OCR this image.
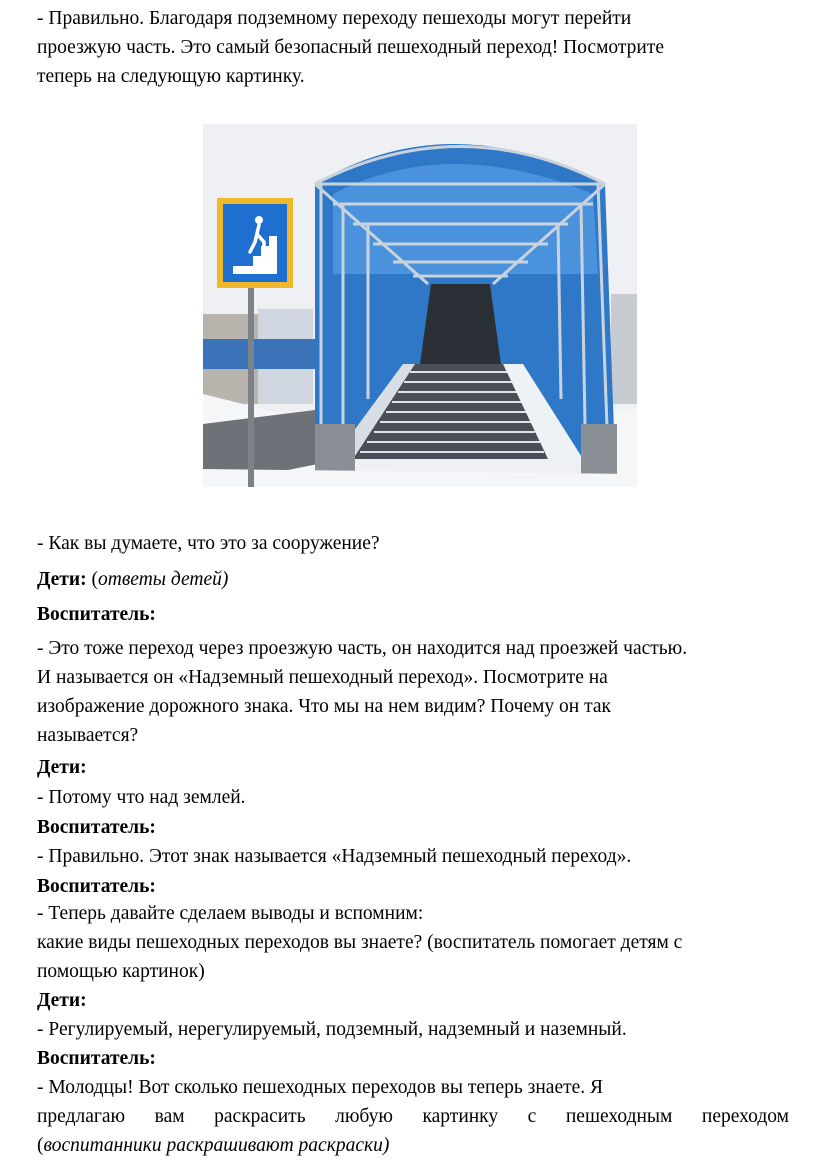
- Правильно. Благодаря подземному переходу пешеходы могут перейти

проезжую часть. Это самый безопасный пешеходный переход! Посмотрите

теперь на следующую картинку.

- Как вы думаете, что это за сооружение?

Дети: (ответы детей)

Воспитатель:

- Это тоже переход через проезжую часть, он находится над проезжей частью.

И называется он «Надземный пешеходный переход». Посмотрите на

изображение дорожного знака. Что мы на нем видим? Почему он так

называется?

Дети:

- Потому что над землей.

Воспитатель:

- Правильно. Этот знак называется «Надземный пешеходный переход».

Воспитатель:

- Теперь давайте сделаем выводы и вспомним:

какие виды пешеходных переходов вы знаете? (воспитатель помогает детям с

помощью картинок)

Дети:

- Регулируемый, нерегулируемый, подземный, надземный и наземный.

Воспитатель:

- Молодцы! Вот сколько пешеходных переходов вы теперь знаете. Я

предлагаю вам раскрасить любую картинку с пешеходным переходом

(воспитанники раскрашивают раскраски)
